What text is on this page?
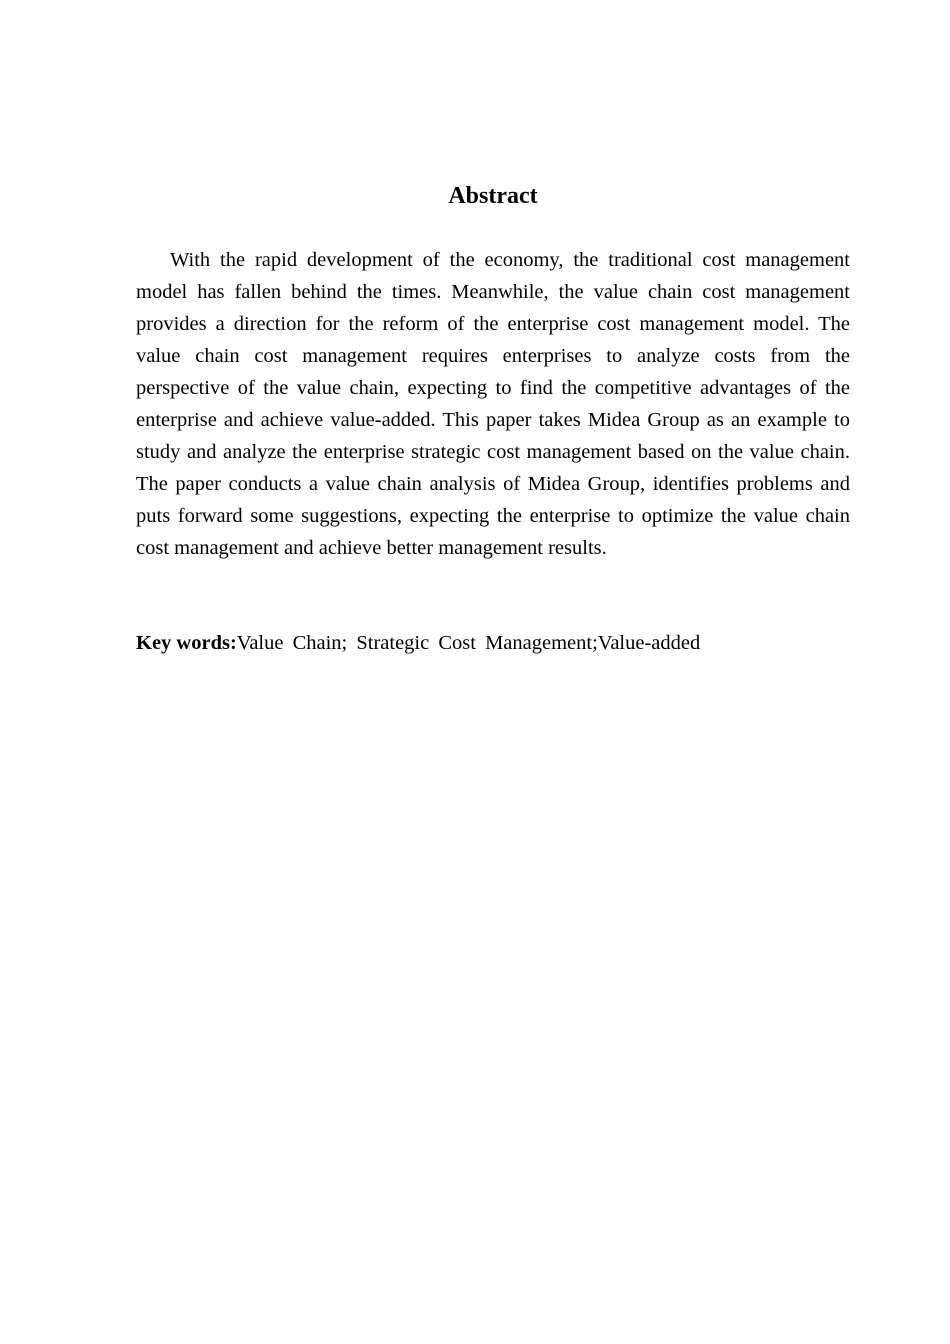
Abstract

With the rapid development of the economy, the traditional cost management model has fallen behind the times. Meanwhile, the value chain cost management provides a direction for the reform of the enterprise cost management model. The value chain cost management requires enterprises to analyze costs from the perspective of the value chain, expecting to find the competitive advantages of the enterprise and achieve value-added. This paper takes Midea Group as an example to study and analyze the enterprise strategic cost management based on the value chain. The paper conducts a value chain analysis of Midea Group, identifies problems and puts forward some suggestions, expecting the enterprise to optimize the value chain cost management and achieve better management results.

Key words:Value Chain; Strategic Cost Management;Value-added
